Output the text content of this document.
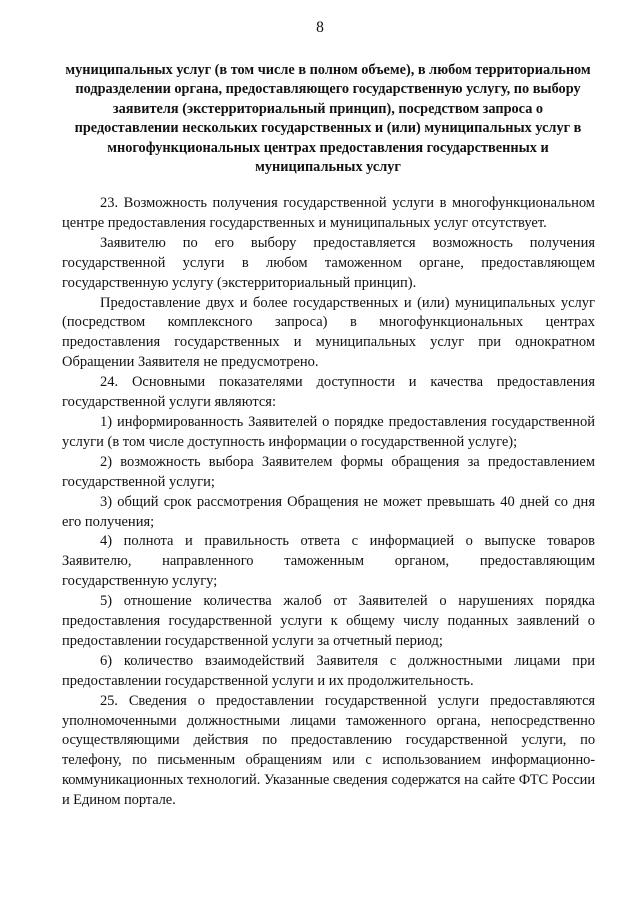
8
муниципальных услуг (в том числе в полном объеме), в любом территориальном подразделении органа, предоставляющего государственную услугу, по выбору заявителя (экстерриториальный принцип), посредством запроса о предоставлении нескольких государственных и (или) муниципальных услуг в многофункциональных центрах предоставления государственных и муниципальных услуг

23. Возможность получения государственной услуги в многофункциональном центре предоставления государственных и муниципальных услуг отсутствует.

Заявителю по его выбору предоставляется возможность получения государственной услуги в любом таможенном органе, предоставляющем государственную услугу (экстерриториальный принцип).

Предоставление двух и более государственных и (или) муниципальных услуг (посредством комплексного запроса) в многофункциональных центрах предоставления государственных и муниципальных услуг при однократном Обращении Заявителя не предусмотрено.

24. Основными показателями доступности и качества предоставления государственной услуги являются:

1) информированность Заявителей о порядке предоставления государственной услуги (в том числе доступность информации о государственной услуге);

2) возможность выбора Заявителем формы обращения за предоставлением государственной услуги;

3) общий срок рассмотрения Обращения не может превышать 40 дней со дня его получения;

4) полнота и правильность ответа с информацией о выпуске товаров Заявителю, направленного таможенным органом, предоставляющим государственную услугу;

5) отношение количества жалоб от Заявителей о нарушениях порядка предоставления государственной услуги к общему числу поданных заявлений о предоставлении государственной услуги за отчетный период;

6) количество взаимодействий Заявителя с должностными лицами при предоставлении государственной услуги и их продолжительность.

25. Сведения о предоставлении государственной услуги предоставляются уполномоченными должностными лицами таможенного органа, непосредственно осуществляющими действия по предоставлению государственной услуги, по телефону, по письменным обращениям или с использованием информационно-коммуникационных технологий. Указанные сведения содержатся на сайте ФТС России и Едином портале.
